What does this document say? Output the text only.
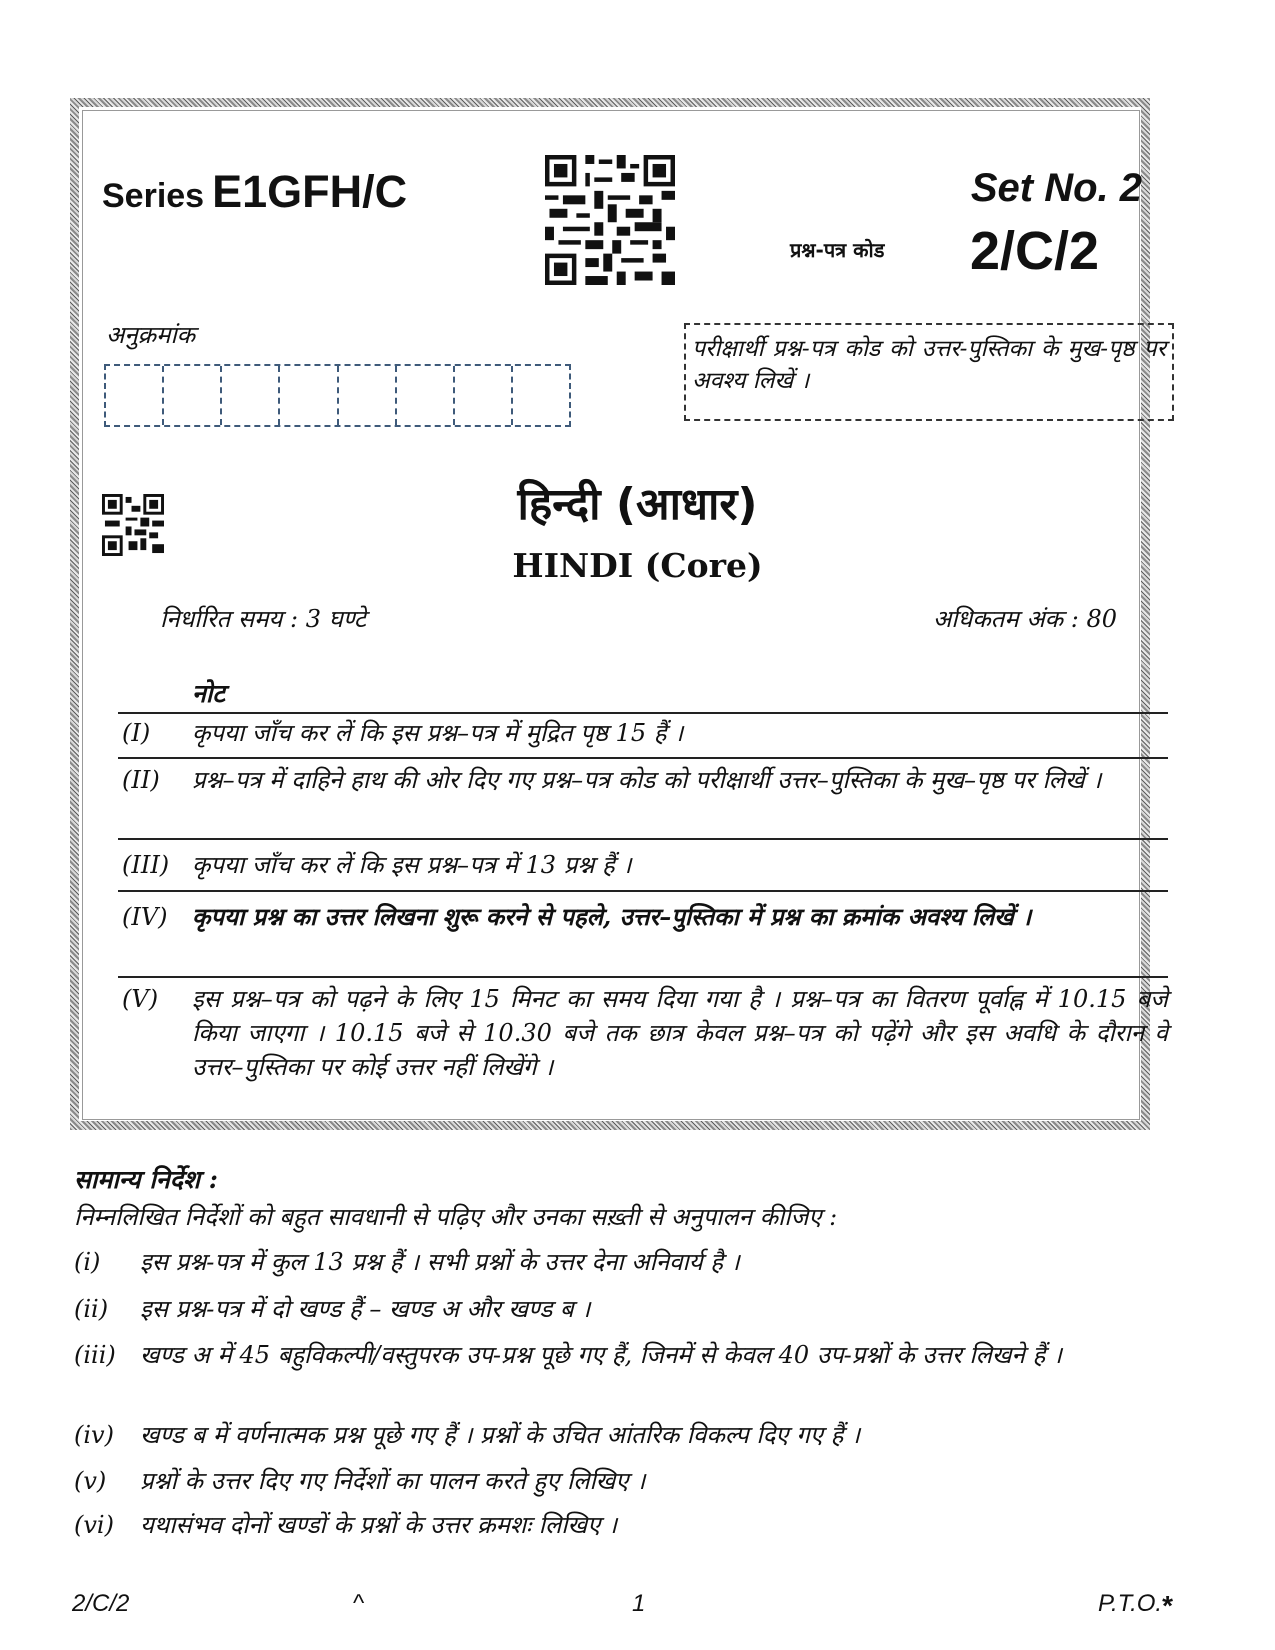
Series E1GFH/C	Set No. 2
प्रश्न-पत्र कोड 2/C/2
अनुक्रमांक	परीक्षार्थी प्रश्न-पत्र कोड को उत्तर-पुस्तिका के मुख-पृष्ठ पर अवश्य लिखें ।
हिन्दी (आधार)
HINDI (Core)
निर्धारित समय : 3 घण्टे	अधिकतम अंक : 80
नोट
(I) कृपया जाँच कर लें कि इस प्रश्न–पत्र में मुद्रित पृष्ठ 15 हैं ।
(II) प्रश्न–पत्र में दाहिने हाथ की ओर दिए गए प्रश्न–पत्र कोड को परीक्षार्थी उत्तर–पुस्तिका के मुख–पृष्ठ पर लिखें ।
(III) कृपया जाँच कर लें कि इस प्रश्न–पत्र में 13 प्रश्न हैं ।
(IV) कृपया प्रश्न का उत्तर लिखना शुरू करने से पहले, उत्तर–पुस्तिका में प्रश्न का क्रमांक अवश्य लिखें ।
(V) इस प्रश्न–पत्र को पढ़ने के लिए 15 मिनट का समय दिया गया है । प्रश्न–पत्र का वितरण पूर्वाह्न में 10.15 बजे किया जाएगा । 10.15 बजे से 10.30 बजे तक छात्र केवल प्रश्न–पत्र को पढ़ेंगे और इस अवधि के दौरान वे उत्तर–पुस्तिका पर कोई उत्तर नहीं लिखेंगे ।
सामान्य निर्देश :
निम्नलिखित निर्देशों को बहुत सावधानी से पढ़िए और उनका सख़्ती से अनुपालन कीजिए :
(i) इस प्रश्न-पत्र में कुल 13 प्रश्न हैं । सभी प्रश्नों के उत्तर देना अनिवार्य है ।
(ii) इस प्रश्न-पत्र में दो खण्ड हैं – खण्ड अ और खण्ड ब ।
(iii) खण्ड अ में 45 बहुविकल्पी/वस्तुपरक उप-प्रश्न पूछे गए हैं, जिनमें से केवल 40 उप-प्रश्नों के उत्तर लिखने हैं ।
(iv) खण्ड ब में वर्णनात्मक प्रश्न पूछे गए हैं । प्रश्नों के उचित आंतरिक विकल्प दिए गए हैं ।
(v) प्रश्नों के उत्तर दिए गए निर्देशों का पालन करते हुए लिखिए ।
(vi) यथासंभव दोनों खण्डों के प्रश्नों के उत्तर क्रमशः लिखिए ।
2/C/2	^	1	P.T.O.*
